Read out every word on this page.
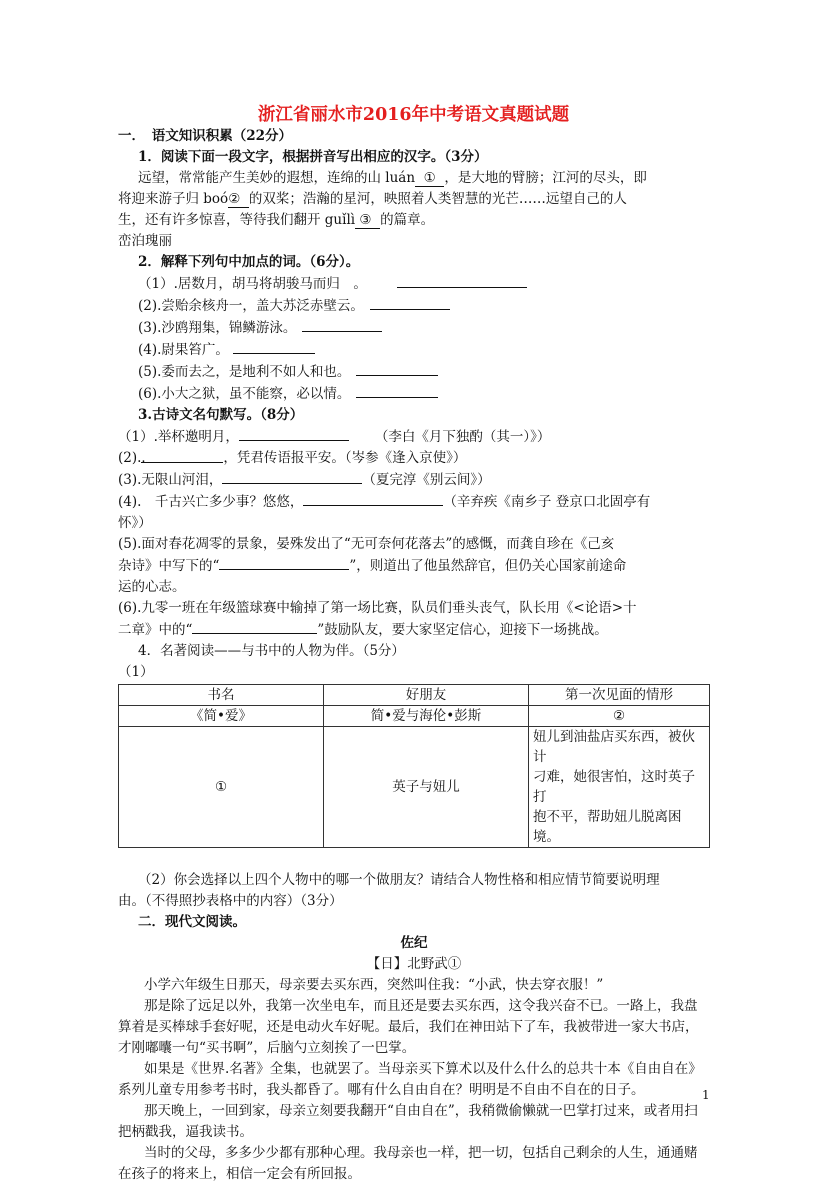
浙江省丽水市2016年中考语文真题试题
一．　语文知识积累（22分）
1．阅读下面一段文字，根据拼音写出相应的汉字。（3分）
远望，常常能产生美妙的遐想，连绵的山 luán ① ，是大地的臂膀；江河的尽头，即
将迎来游子归 boó② 的双桨；浩瀚的星河，映照着人类智慧的光芒……远望自己的人
生，还有许多惊喜，等待我们翻开 guǐlì ③ 的篇章。
峦泊瑰丽
2．解释下列句中加点的词。（6分）。
（1）.居数月，胡马将胡骏马而归　。
(2).尝贻余核舟一，盖大苏泛赤壁云。
(3).沙鸥翔集，锦鳞游泳。
(4).尉果笞广。
(5).委而去之，是地利不如人和也。
(6).小大之狱，虽不能察，必以情。
3.古诗文名句默写。（8分）
（1）.举杯邀明月，	（李白《月下独酌（其一）》）
(2).．	，凭君传语报平安。（岑参《逢入京使》）
(3).无限山河泪，	（夏完淳《别云间》）
(4).　千古兴亡多少事？悠悠，	（辛弃疾《南乡子 登京口北固亭有
怀》）
(5).面对春花凋零的景象，晏殊发出了“无可奈何花落去”的感慨，而龚自珍在《己亥
杂诗》中写下的“	”，则道出了他虽然辞官，但仍关心国家前途命
运的心志。
(6).九零一班在年级篮球赛中输掉了第一场比赛，队员们垂头丧气，队长用《<论语>十
二章》中的“	”鼓励队友，要大家坚定信心，迎接下一场挑战。
4．名著阅读——与书中的人物为伴。（5分）
（1）
书名	好朋友	第一次见面的情形
《简•爱》	简•爱与海伦•彭斯	②
①	英子与妞儿	妞儿到油盐店买东西，被伙计
刁难，她很害怕，这时英子打
抱不平，帮助妞儿脱离困境。
（2）你会选择以上四个人物中的哪一个做朋友？请结合人物性格和相应情节简要说明理
由。（不得照抄表格中的内容）（3分）
二．现代文阅读。
佐纪
【日】北野武①
小学六年级生日那天，母亲要去买东西，突然叫住我：“小武，快去穿衣服！”
那是除了远足以外，我第一次坐电车，而且还是要去买东西，这令我兴奋不已。一路上，我盘算着是买棒球手套好呢，还是电动火车好呢。最后，我们在神田站下了车，我被带进一家大书店，才刚嘟囔一句“买书啊”，后脑勺立刻挨了一巴掌。
如果是《世界.名著》全集，也就罢了。当母亲买下算术以及什么什么的总共十本《自由自在》系列儿童专用参考书时，我头都昏了。哪有什么自由自在？明明是不自由不自在的日子。
那天晚上，一回到家，母亲立刻要我翻开“自由自在”，我稍微偷懒就一巴掌打过来，或者用扫把柄戳我，逼我读书。
当时的父母，多多少少都有那种心理。我母亲也一样，把一切，包括自己剩余的人生，通通赌在孩子的将来上，相信一定会有所回报。
1
